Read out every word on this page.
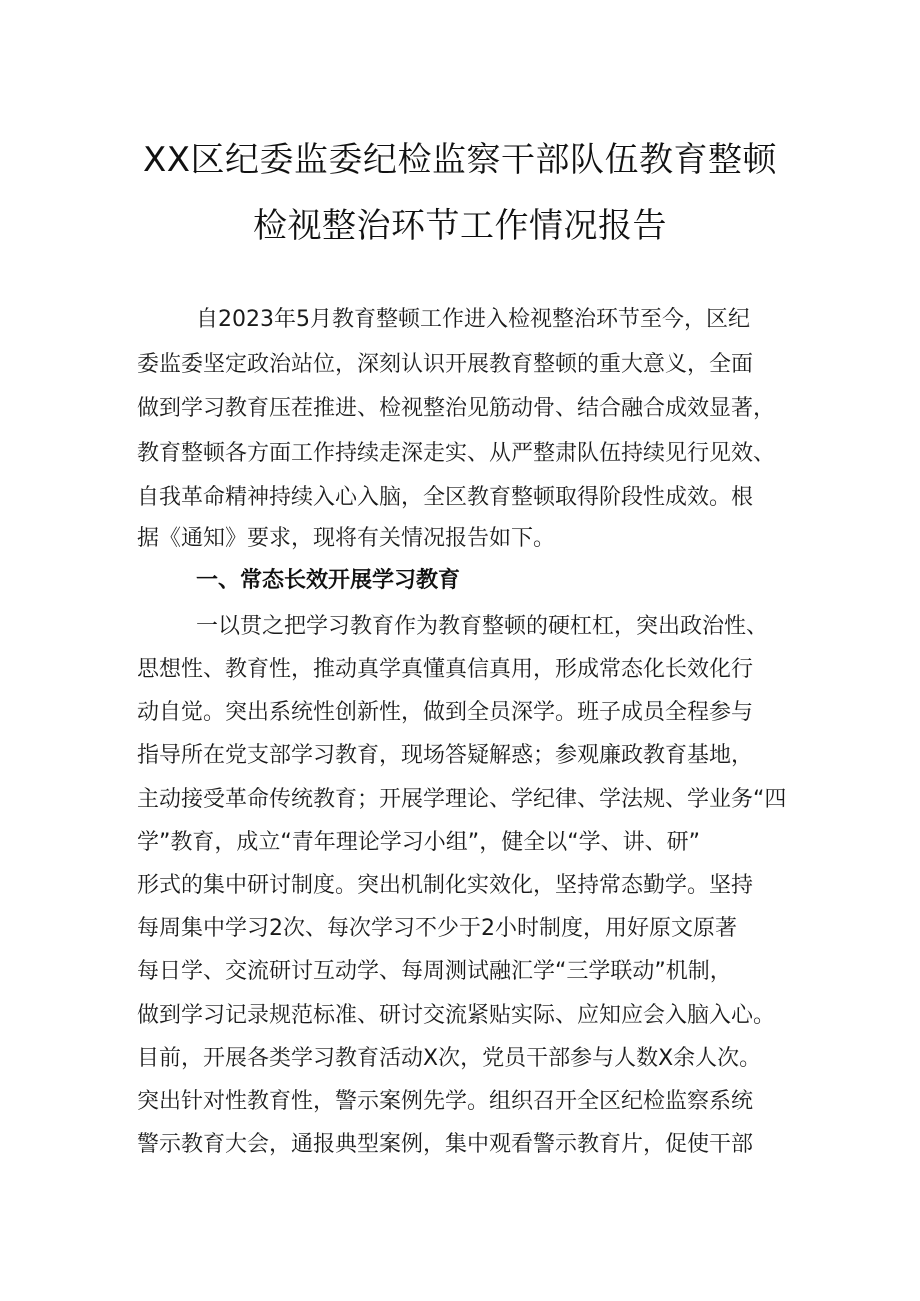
XX区纪委监委纪检监察干部队伍教育整顿
检视整治环节工作情况报告
自2023年5月教育整顿工作进入检视整治环节至今，区纪
委监委坚定政治站位，深刻认识开展教育整顿的重大意义，全面
做到学习教育压茬推进、检视整治见筋动骨、结合融合成效显著，
教育整顿各方面工作持续走深走实、从严整肃队伍持续见行见效、
自我革命精神持续入心入脑，全区教育整顿取得阶段性成效。根
据《通知》要求，现将有关情况报告如下。
一、常态长效开展学习教育
一以贯之把学习教育作为教育整顿的硬杠杠，突出政治性、
思想性、教育性，推动真学真懂真信真用，形成常态化长效化行
动自觉。突出系统性创新性，做到全员深学。班子成员全程参与
指导所在党支部学习教育，现场答疑解惑；参观廉政教育基地，
主动接受革命传统教育；开展学理论、学纪律、学法规、学业务“四
学”教育，成立“青年理论学习小组”，健全以“学、讲、研”
形式的集中研讨制度。突出机制化实效化，坚持常态勤学。坚持
每周集中学习2次、每次学习不少于2小时制度，用好原文原著
每日学、交流研讨互动学、每周测试融汇学“三学联动”机制，
做到学习记录规范标准、研讨交流紧贴实际、应知应会入脑入心。
目前，开展各类学习教育活动X次，党员干部参与人数X余人次。
突出针对性教育性，警示案例先学。组织召开全区纪检监察系统
警示教育大会，通报典型案例，集中观看警示教育片，促使干部
